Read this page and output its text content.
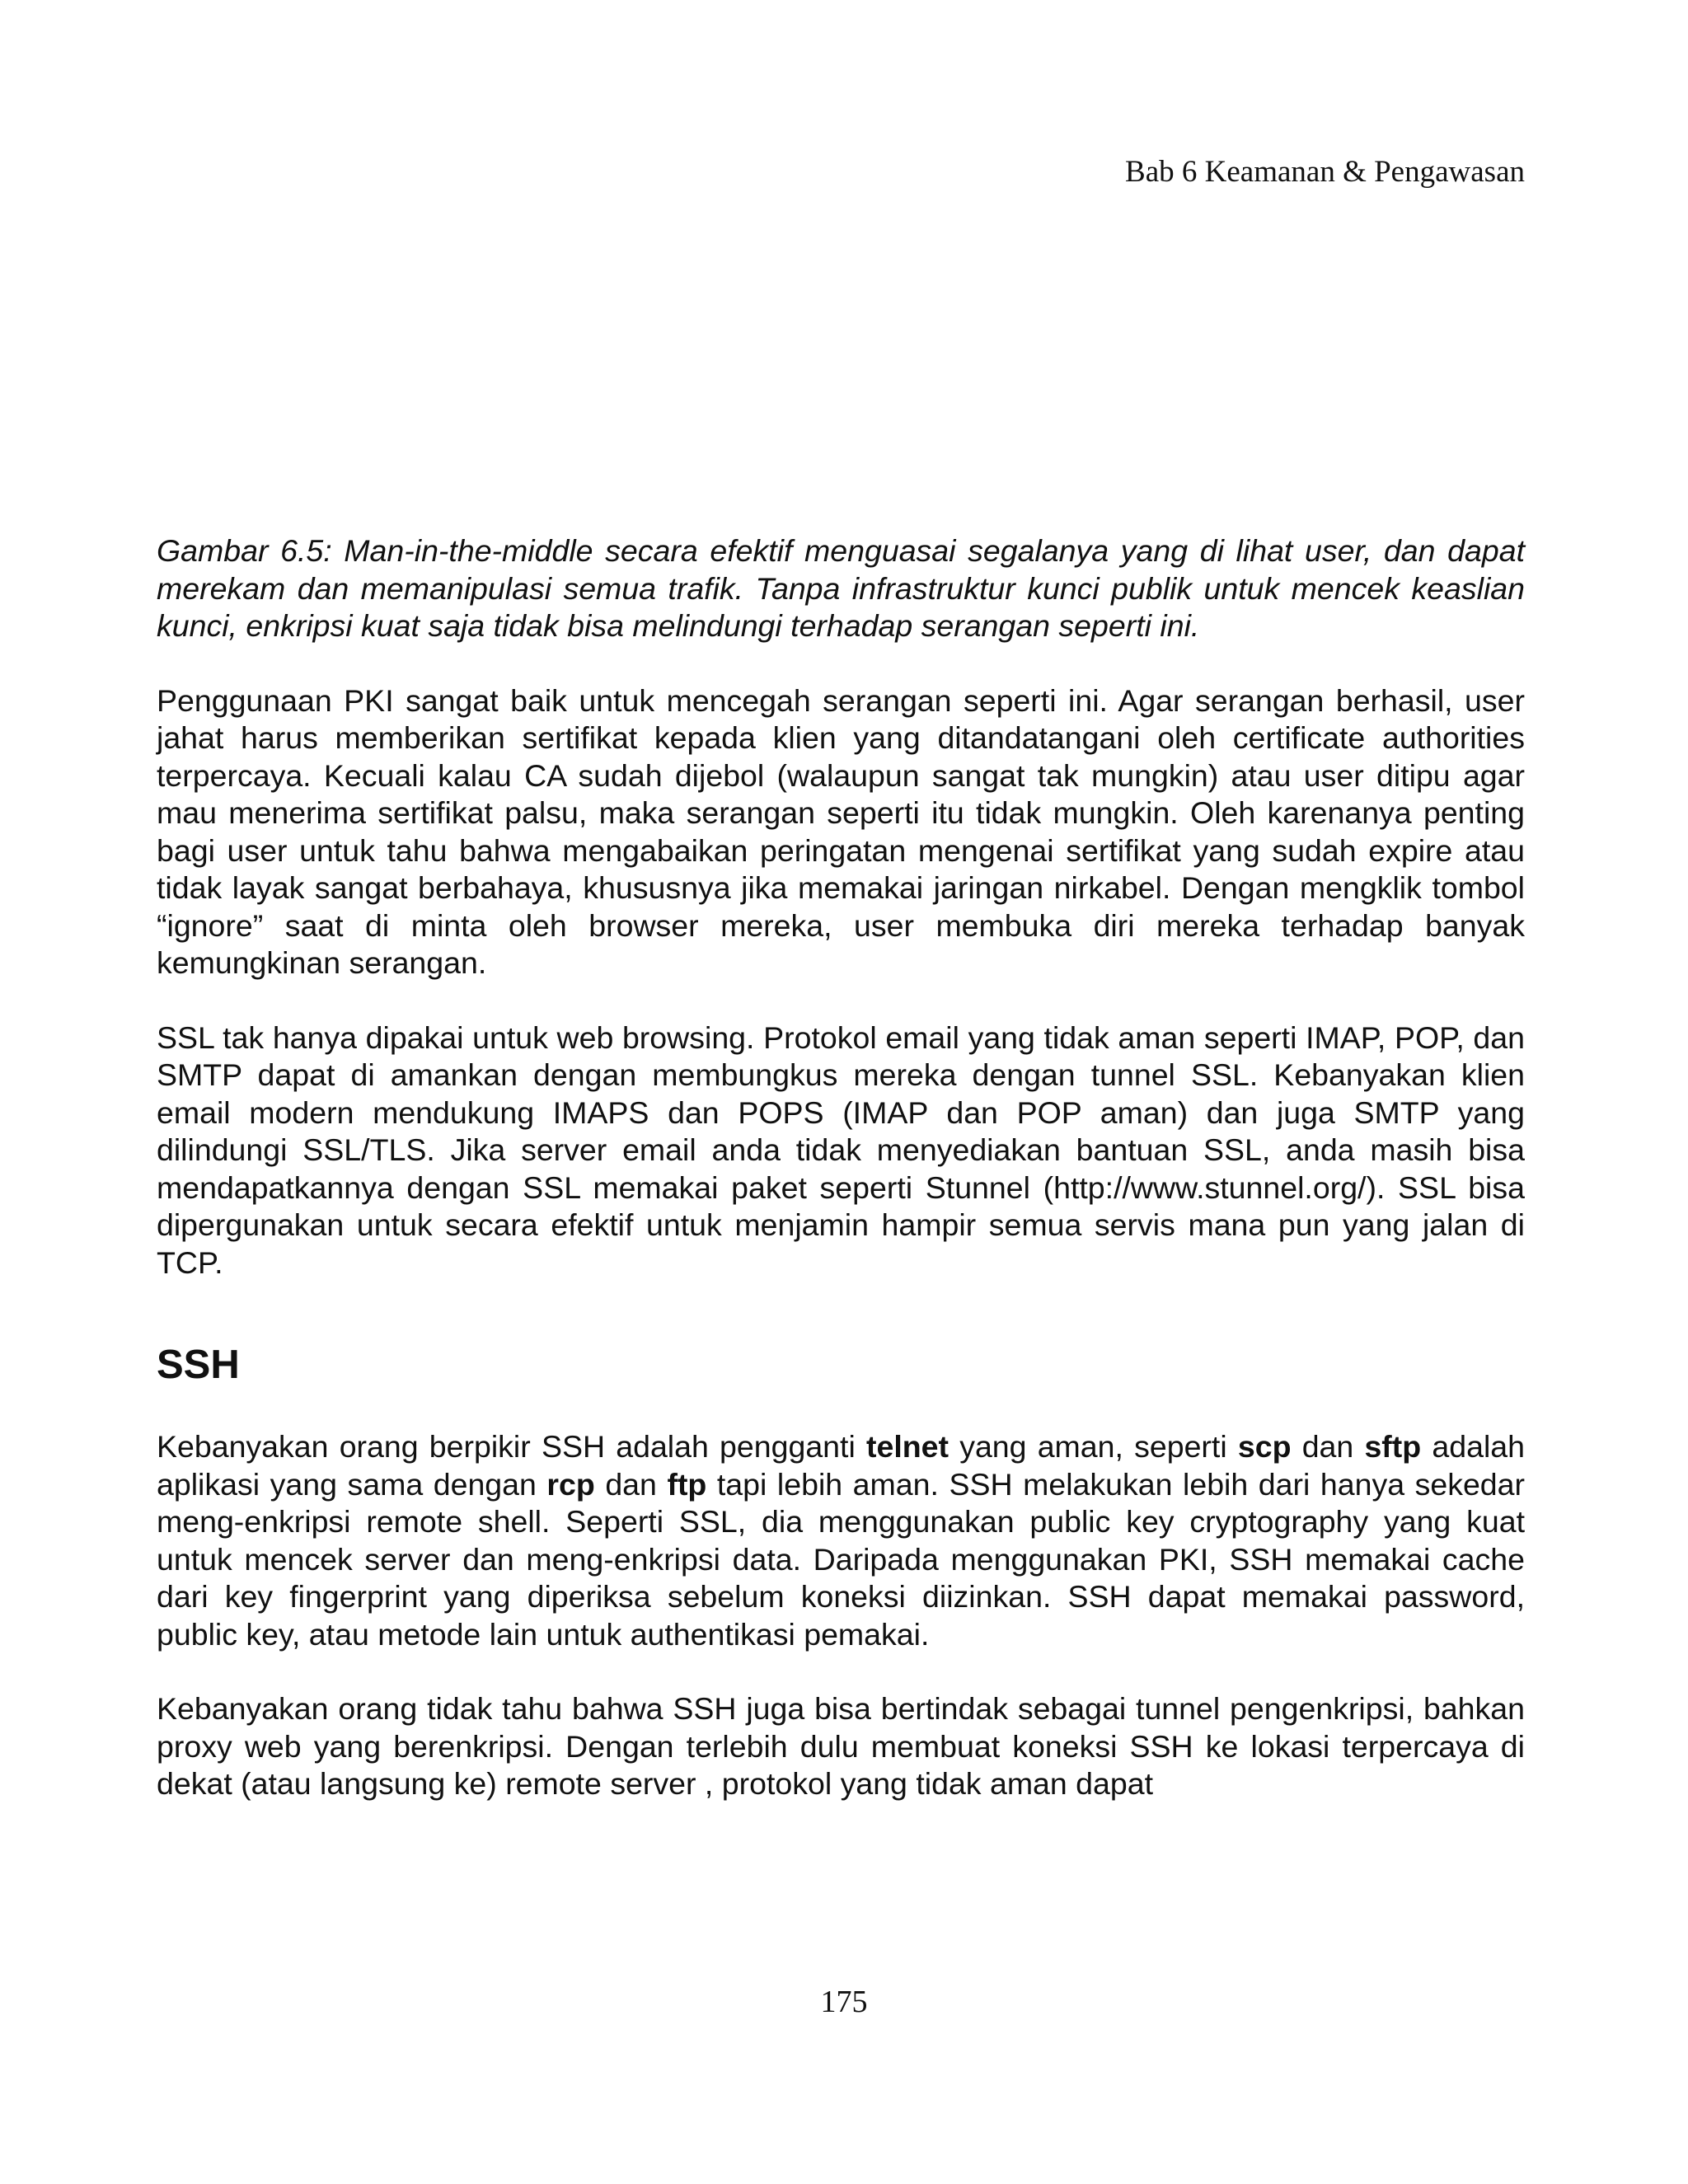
Bab 6 Keamanan & Pengawasan

Gambar 6.5: Man-in-the-middle secara efektif menguasai segalanya yang di lihat user, dan dapat merekam dan memanipulasi semua trafik. Tanpa infrastruktur kunci publik untuk mencek keaslian kunci, enkripsi kuat saja tidak bisa melindungi terhadap serangan seperti ini.

Penggunaan PKI sangat baik untuk mencegah serangan seperti ini. Agar serangan berhasil, user jahat harus memberikan sertifikat kepada klien yang ditandatangani oleh certificate authorities terpercaya. Kecuali kalau CA sudah dijebol (walaupun sangat tak mungkin) atau user ditipu agar mau menerima sertifikat palsu, maka serangan seperti itu tidak mungkin. Oleh karenanya penting bagi user untuk tahu bahwa mengabaikan peringatan mengenai sertifikat yang sudah expire atau tidak layak sangat berbahaya, khususnya jika memakai jaringan nirkabel. Dengan mengklik tombol “ignore” saat di minta oleh browser mereka, user membuka diri mereka terhadap banyak kemungkinan serangan.

SSL tak hanya dipakai untuk web browsing. Protokol email yang tidak aman seperti IMAP, POP, dan SMTP dapat di amankan dengan membungkus mereka dengan tunnel SSL. Kebanyakan klien email modern mendukung IMAPS dan POPS (IMAP dan POP aman) dan juga SMTP yang dilindungi SSL/TLS. Jika server email anda tidak menyediakan bantuan SSL, anda masih bisa mendapatkannya dengan SSL memakai paket seperti Stunnel (http://www.stunnel.org/). SSL bisa dipergunakan untuk secara efektif untuk menjamin hampir semua servis mana pun yang jalan di TCP.

SSH

Kebanyakan orang berpikir SSH adalah pengganti telnet yang aman, seperti scp dan sftp adalah aplikasi yang sama dengan rcp dan ftp tapi lebih aman. SSH melakukan lebih dari hanya sekedar meng-enkripsi remote shell. Seperti SSL, dia menggunakan public key cryptography yang kuat untuk mencek server dan meng-enkripsi data. Daripada menggunakan PKI, SSH memakai cache dari key fingerprint yang diperiksa sebelum koneksi diizinkan. SSH dapat memakai password, public key, atau metode lain untuk authentikasi pemakai.

Kebanyakan orang tidak tahu bahwa SSH juga bisa bertindak sebagai tunnel pengenkripsi, bahkan proxy web yang berenkripsi. Dengan terlebih dulu membuat koneksi SSH ke lokasi terpercaya di dekat (atau langsung ke) remote server , protokol yang tidak aman dapat

175
